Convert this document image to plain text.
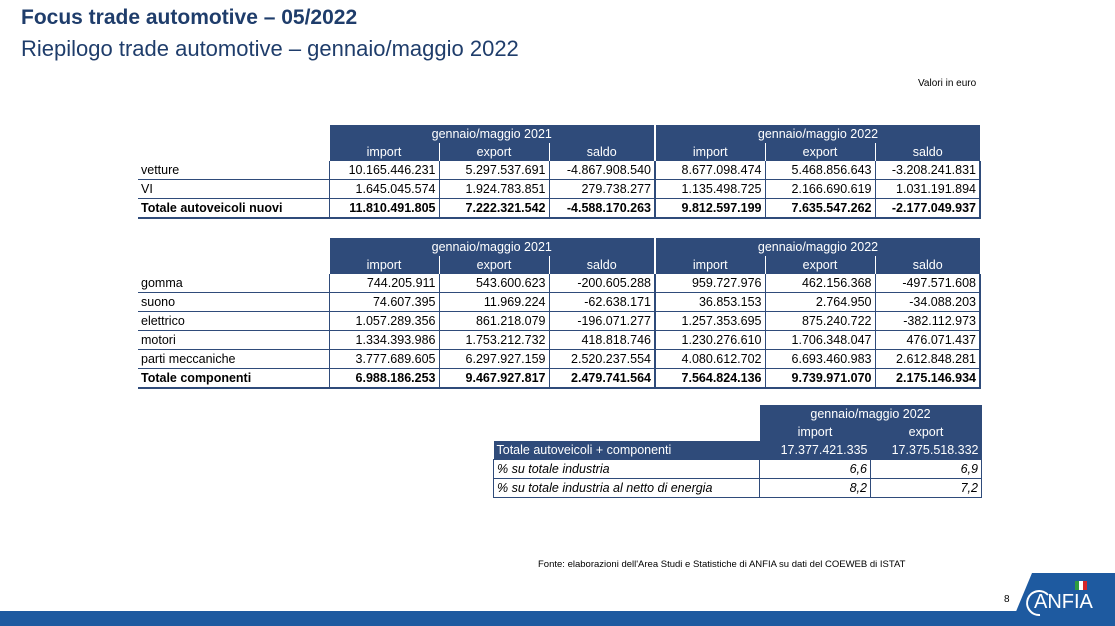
Focus trade automotive – 05/2022
Riepilogo trade automotive – gennaio/maggio 2022
Valori in euro
	gennaio/maggio 2021			gennaio/maggio 2022		
	import	export	saldo	import	export	saldo
vetture	10.165.446.231	5.297.537.691	-4.867.908.540	8.677.098.474	5.468.856.643	-3.208.241.831
VI	1.645.045.574	1.924.783.851	279.738.277	1.135.498.725	2.166.690.619	1.031.191.894
Totale autoveicoli nuovi	11.810.491.805	7.222.321.542	-4.588.170.263	9.812.597.199	7.635.547.262	-2.177.049.937
	gennaio/maggio 2021			gennaio/maggio 2022		
	import	export	saldo	import	export	saldo
gomma	744.205.911	543.600.623	-200.605.288	959.727.976	462.156.368	-497.571.608
suono	74.607.395	11.969.224	-62.638.171	36.853.153	2.764.950	-34.088.203
elettrico	1.057.289.356	861.218.079	-196.071.277	1.257.353.695	875.240.722	-382.112.973
motori	1.334.393.986	1.753.212.732	418.818.746	1.230.276.610	1.706.348.047	476.071.437
parti meccaniche	3.777.689.605	6.297.927.159	2.520.237.554	4.080.612.702	6.693.460.983	2.612.848.281
Totale componenti	6.988.186.253	9.467.927.817	2.479.741.564	7.564.824.136	9.739.971.070	2.175.146.934
	gennaio/maggio 2022	
	import	export
Totale autoveicoli + componenti	17.377.421.335	17.375.518.332
% su totale industria	6,6	6,9
% su totale industria al netto di energia	8,2	7,2
Fonte: elaborazioni dell'Area Studi e Statistiche di ANFIA su dati del COEWEB di ISTAT
8 ANFIA
